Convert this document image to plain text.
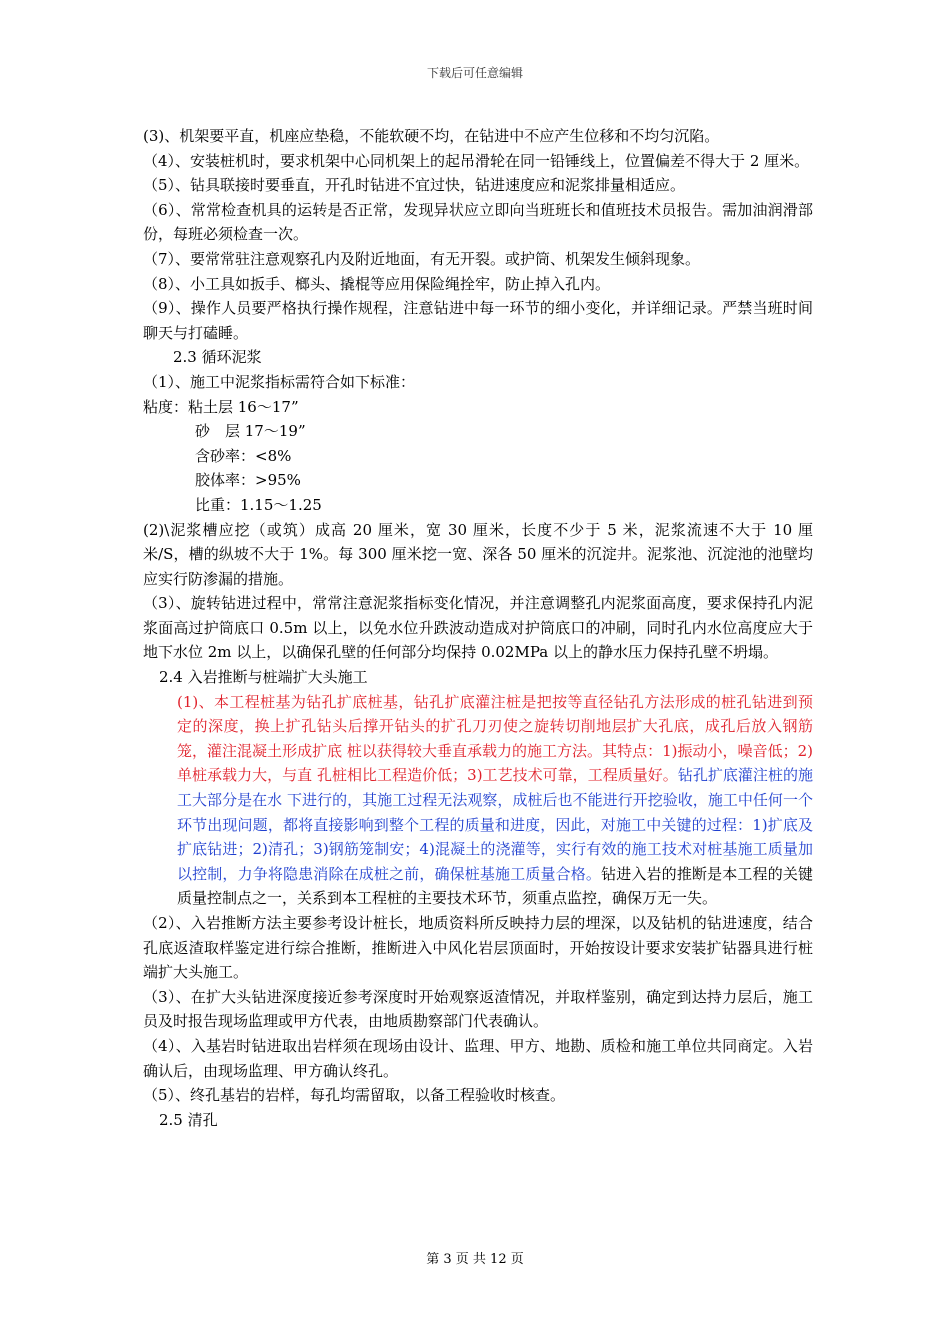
下载后可任意编辑

(3)、机架要平直，机座应垫稳，不能软硬不均，在钻进中不应产生位移和不均匀沉陷。

（4）、安装桩机时，要求机架中心同机架上的起吊滑轮在同一铅锤线上，位置偏差不得大于 2 厘米。

（5）、钻具联接时要垂直，开孔时钻进不宜过快，钻进速度应和泥浆排量相适应。

（6）、常常检查机具的运转是否正常，发现异状应立即向当班班长和值班技术员报告。需加油润滑部份，每班必须检查一次。

（7）、要常常驻注意观察孔内及附近地面，有无开裂。或护筒、机架发生倾斜现象。

（8）、小工具如扳手、榔头、撬棍等应用保险绳拴牢，防止掉入孔内。

（9）、操作人员要严格执行操作规程，注意钻进中每一环节的细小变化，并详细记录。严禁当班时间聊天与打磕睡。

2.3 循环泥浆

（1）、施工中泥浆指标需符合如下标准：

粘度：粘土层 16～17”

砂　层 17～19”

含砂率：<8%

胶体率：>95%

比重：1.15～1.25

(2)\泥浆槽应挖（或筑）成高 20 厘米，宽 30 厘米，长度不少于 5 米，泥浆流速不大于 10 厘米/S，槽的纵坡不大于 1%。每 300 厘米挖一宽、深各 50 厘米的沉淀井。泥浆池、沉淀池的池壁均应实行防渗漏的措施。

（3）、旋转钻进过程中，常常注意泥浆指标变化情况，并注意调整孔内泥浆面高度，要求保持孔内泥浆面高过护筒底口 0.5m 以上，以免水位升跌波动造成对护筒底口的冲刷，同时孔内水位高度应大于地下水位 2m 以上，以确保孔壁的任何部分均保持 0.02MPa 以上的静水压力保持孔壁不坍塌。

2.4 入岩推断与桩端扩大头施工

(1)、本工程桩基为钻孔扩底桩基，钻孔扩底灌注桩是把按等直径钻孔方法形成的桩孔钻进到预定的深度，换上扩孔钻头后撑开钻头的扩孔刀刃使之旋转切削地层扩大孔底，成孔后放入钢筋笼，灌注混凝土形成扩底 桩以获得较大垂直承载力的施工方法。其特点：1)振动小，噪音低；2)单桩承载力大，与直 孔桩相比工程造价低；3)工艺技术可靠，工程质量好。钻孔扩底灌注桩的施工大部分是在水 下进行的，其施工过程无法观察，成桩后也不能进行开挖验收，施工中任何一个环节出现问题，都将直接影响到整个工程的质量和进度，因此，对施工中关键的过程：1)扩底及扩底钻进；2)清孔；3)钢筋笼制安；4)混凝土的浇灌等，实行有效的施工技术对桩基施工质量加以控制，力争将隐患消除在成桩之前，确保桩基施工质量合格。钻进入岩的推断是本工程的关键质量控制点之一，关系到本工程桩的主要技术环节，须重点监控，确保万无一失。

（2）、入岩推断方法主要参考设计桩长，地质资料所反映持力层的埋深，以及钻机的钻进速度，结合孔底返渣取样鉴定进行综合推断，推断进入中风化岩层顶面时，开始按设计要求安装扩钻器具进行桩端扩大头施工。

（3）、在扩大头钻进深度接近参考深度时开始观察返渣情况，并取样鉴别，确定到达持力层后，施工员及时报告现场监理或甲方代表，由地质勘察部门代表确认。

（4）、入基岩时钻进取出岩样须在现场由设计、监理、甲方、地勘、质检和施工单位共同商定。入岩确认后，由现场监理、甲方确认终孔。

（5）、终孔基岩的岩样，每孔均需留取，以备工程验收时核查。

2.5 清孔

第 3 页 共 12 页
